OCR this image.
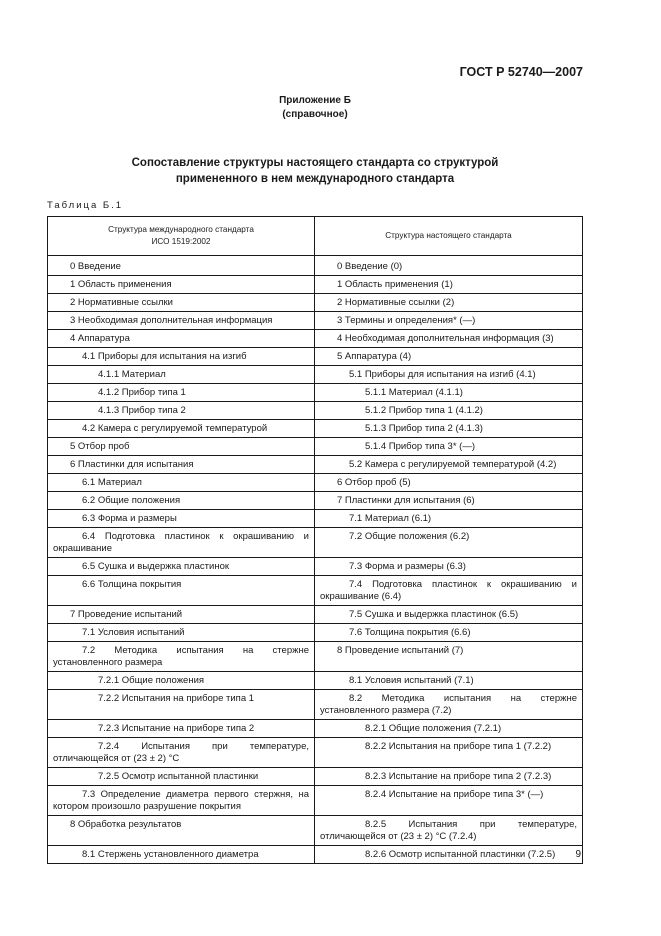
ГОСТ Р 52740—2007
Приложение Б
(справочное)
Сопоставление структуры настоящего стандарта со структурой
примененного в нем международного стандарта
Таблица Б.1
Структура международного стандарта
ИСО 1519:2002	Структура настоящего стандарта
0 Введение	0 Введение (0)
1 Область применения	1 Область применения (1)
2 Нормативные ссылки	2 Нормативные ссылки (2)
3 Необходимая дополнительная информация	3 Термины и определения* (—)
4 Аппаратура	4 Необходимая дополнительная информация (3)
4.1 Приборы для испытания на изгиб	5 Аппаратура (4)
4.1.1 Материал	5.1 Приборы для испытания на изгиб (4.1)
4.1.2 Прибор типа 1	5.1.1 Материал (4.1.1)
4.1.3 Прибор типа 2	5.1.2 Прибор типа 1 (4.1.2)
4.2 Камера с регулируемой температурой	5.1.3 Прибор типа 2 (4.1.3)
5 Отбор проб	5.1.4 Прибор типа 3* (—)
6 Пластинки для испытания	5.2 Камера с регулируемой температурой (4.2)
6.1 Материал	6 Отбор проб (5)
6.2 Общие положения	7 Пластинки для испытания (6)
6.3 Форма и размеры	7.1 Материал (6.1)
6.4 Подготовка пластинок к окрашиванию и окрашивание	7.2 Общие положения (6.2)
6.5 Сушка и выдержка пластинок	7.3 Форма и размеры (6.3)
6.6 Толщина покрытия	7.4 Подготовка пластинок к окрашиванию и окрашивание (6.4)
7 Проведение испытаний	7.5 Сушка и выдержка пластинок (6.5)
7.1 Условия испытаний	7.6 Толщина покрытия (6.6)
7.2 Методика испытания на стержне установленного размера	8 Проведение испытаний (7)
7.2.1 Общие положения	8.1 Условия испытаний (7.1)
7.2.2 Испытания на приборе типа 1	8.2 Методика испытания на стержне установленного размера (7.2)
7.2.3 Испытание на приборе типа 2	8.2.1 Общие положения (7.2.1)
7.2.4 Испытания при температуре, отличающейся от (23 ± 2) °С	8.2.2 Испытания на приборе типа 1 (7.2.2)
7.2.5 Осмотр испытанной пластинки	8.2.3 Испытание на приборе типа 2 (7.2.3)
7.3 Определение диаметра первого стержня, на котором произошло разрушение покрытия	8.2.4 Испытание на приборе типа 3* (—)
8 Обработка результатов	8.2.5 Испытания при температуре, отличающейся от (23 ± 2) °С (7.2.4)
8.1 Стержень установленного диаметра	8.2.6 Осмотр испытанной пластинки (7.2.5) 9
